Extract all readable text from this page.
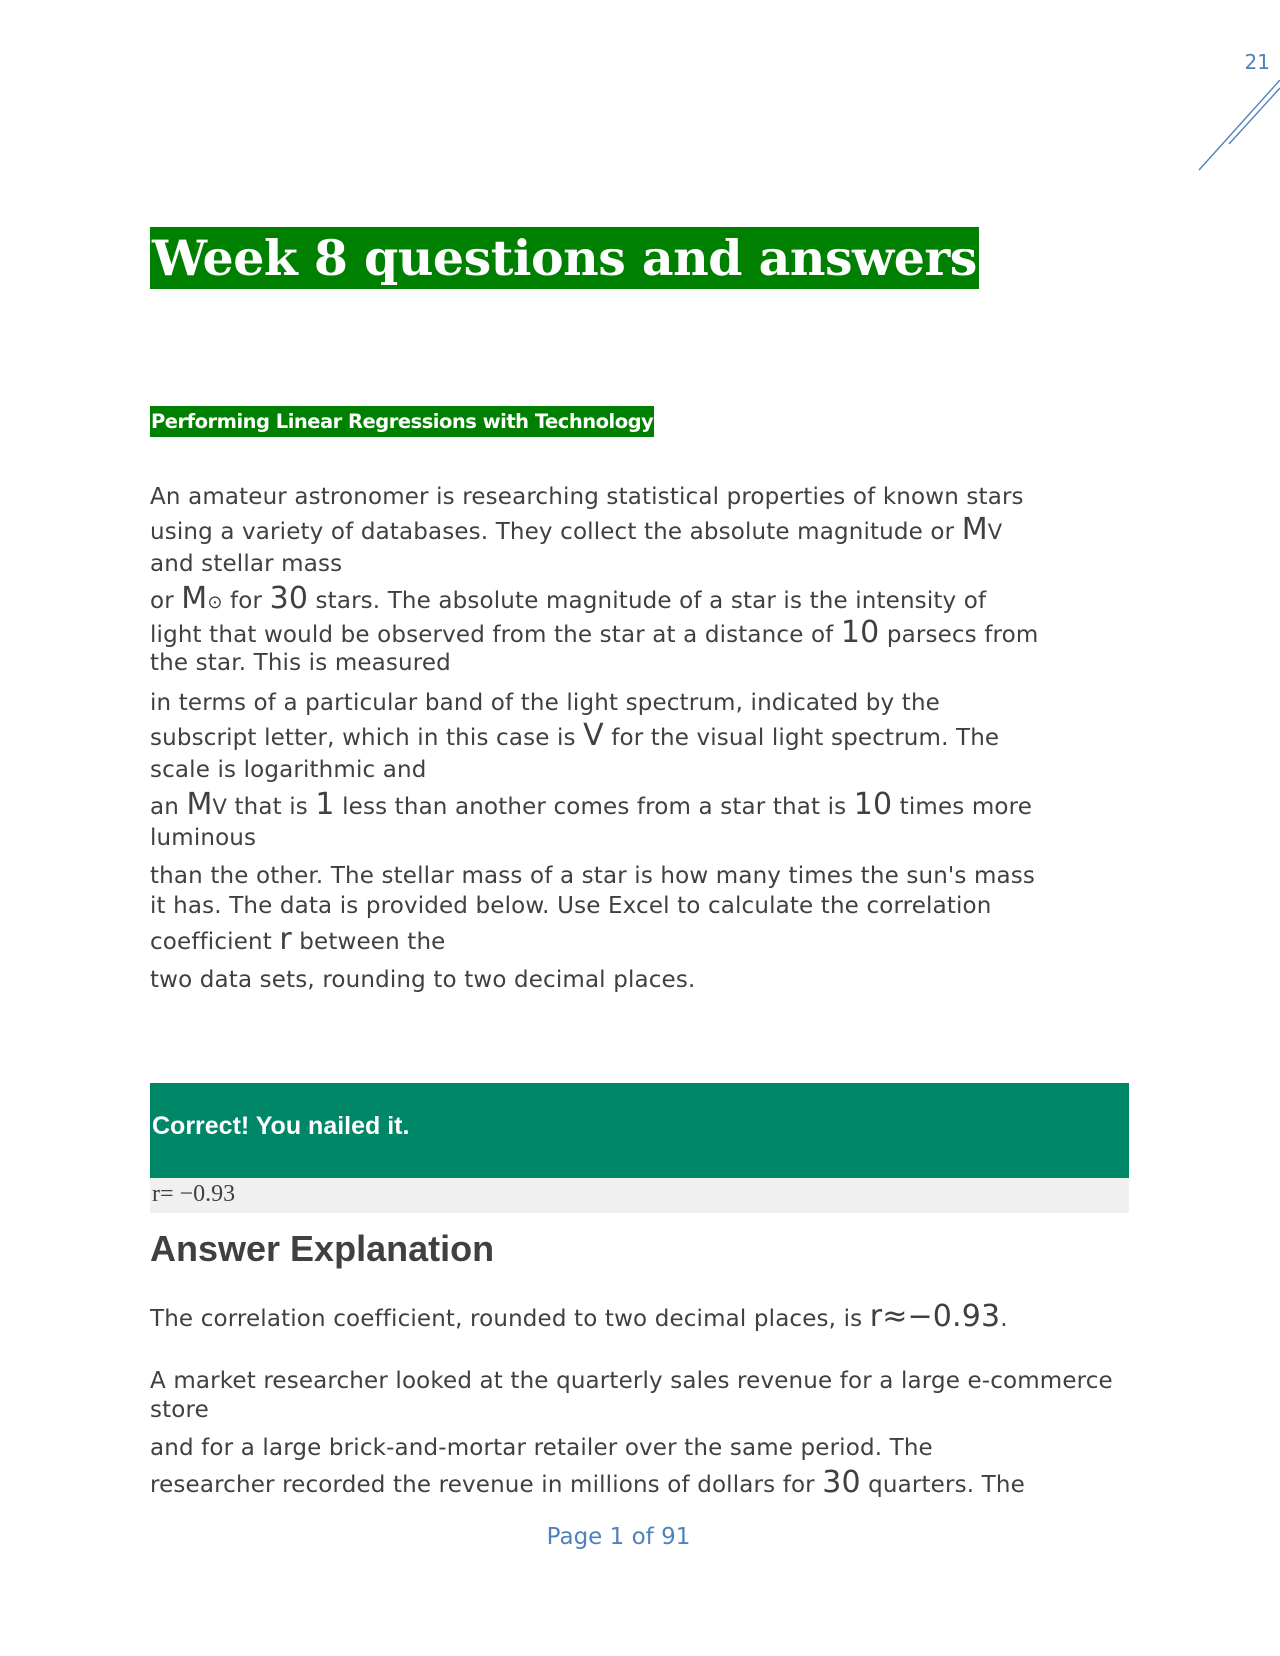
21
Week 8 questions and answers
Performing Linear Regressions with Technology

An amateur astronomer is researching statistical properties of known stars

using a variety of databases. They collect the absolute magnitude or MV

and stellar mass

or M⊙ for 30 stars. The absolute magnitude of a star is the intensity of

light that would be observed from the star at a distance of 10 parsecs from

the star. This is measured

in terms of a particular band of the light spectrum, indicated by the

subscript letter, which in this case is V for the visual light spectrum. The

scale is logarithmic and

an MV that is 1 less than another comes from a star that is 10 times more

luminous

than the other. The stellar mass of a star is how many times the sun's mass

it has. The data is provided below. Use Excel to calculate the correlation

coefficient r between the

two data sets, rounding to two decimal places.

Correct! You nailed it.
r= −0.93
Answer Explanation

The correlation coefficient, rounded to two decimal places, is r≈−0.93.

A market researcher looked at the quarterly sales revenue for a large e-commerce

store

and for a large brick-and-mortar retailer over the same period. The

researcher recorded the revenue in millions of dollars for 30 quarters. The

Page 1 of 91
